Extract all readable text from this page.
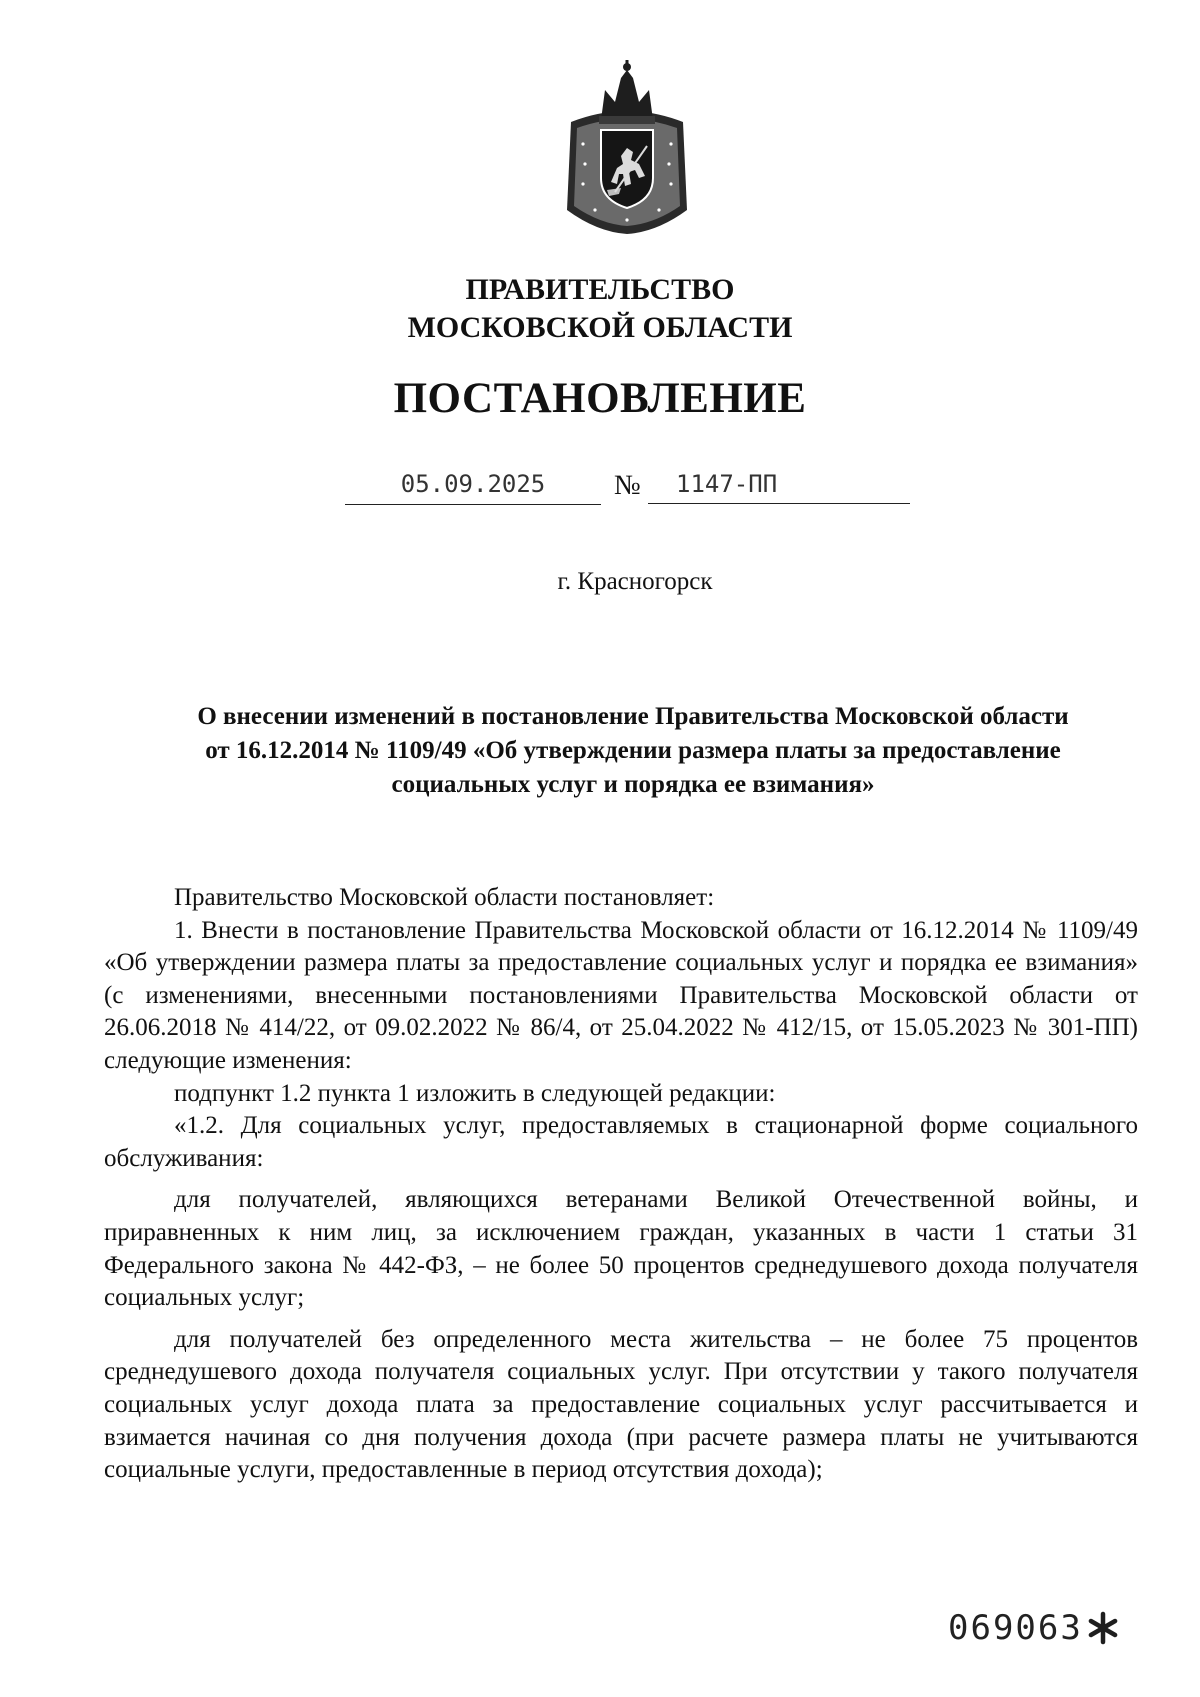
ПРАВИТЕЛЬСТВО
МОСКОВСКОЙ ОБЛАСТИ
ПОСТАНОВЛЕНИЕ
05.09.2025	№	1147-ПП
г. Красногорск
О внесении изменений в постановление Правительства Московской области
от 16.12.2014 № 1109/49 «Об утверждении размера платы за предоставление
социальных услуг и порядка ее взимания»

Правительство Московской области постановляет:

1. Внести в постановление Правительства Московской области от 16.12.2014 № 1109/49 «Об утверждении размера платы за предоставление социальных услуг и порядка ее взимания» (с изменениями, внесенными постановлениями Правительства Московской области от 26.06.2018 № 414/22, от 09.02.2022 № 86/4, от 25.04.2022 № 412/15, от 15.05.2023 № 301-ПП) следующие изменения:

подпункт 1.2 пункта 1 изложить в следующей редакции:

«1.2. Для социальных услуг, предоставляемых в стационарной форме социального обслуживания:

для получателей, являющихся ветеранами Великой Отечественной войны, и приравненных к ним лиц, за исключением граждан, указанных в части 1 статьи 31 Федерального закона № 442-ФЗ, – не более 50 процентов среднедушевого дохода получателя социальных услуг;

для получателей без определенного места жительства – не более 75 процентов среднедушевого дохода получателя социальных услуг. При отсутствии у такого получателя социальных услуг дохода плата за предоставление социальных услуг рассчитывается и взимается начиная со дня получения дохода (при расчете размера платы не учитываются социальные услуги, предоставленные в период отсутствия дохода);

069063
